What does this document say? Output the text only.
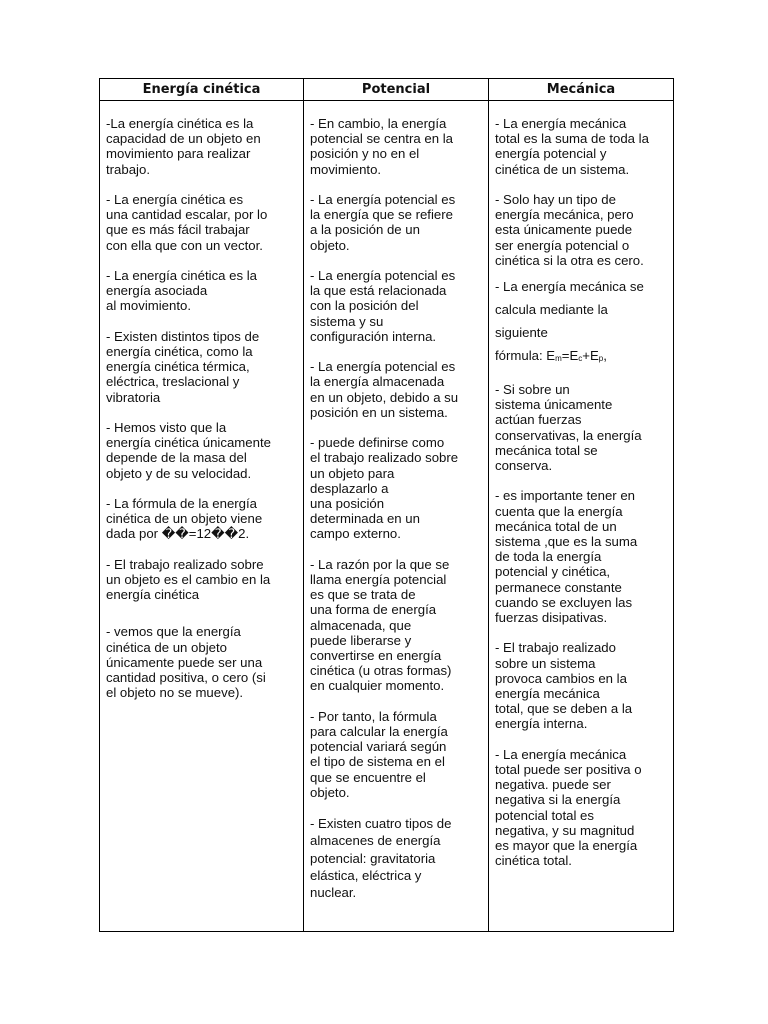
Energía cinética	Potencial	Mecánica

-La energía cinética es la
capacidad de un objeto en
movimiento para realizar
trabajo.

- La energía cinética es
una cantidad escalar, por lo
que es más fácil trabajar
con ella que con un vector.

- La energía cinética es la
energía asociada
al movimiento.

- Existen distintos tipos de
energía cinética, como la
energía cinética térmica,
eléctrica, treslacional y
vibratoria

- Hemos visto que la
energía cinética únicamente
depende de la masa del
objeto y de su velocidad.

- La fórmula de la energía
cinética de un objeto viene
dada por ��=12��2.

- El trabajo realizado sobre
un objeto es el cambio en la
energía cinética

- vemos que la energía
cinética de un objeto
únicamente puede ser una
cantidad positiva, o cero (si
el objeto no se mueve).

- En cambio, la energía
potencial se centra en la
posición y no en el
movimiento.

- La energía potencial es
la energía que se refiere
a la posición de un
objeto.

- La energía potencial es
la que está relacionada
con la posición del
sistema y su
configuración interna.

- La energía potencial es
la energía almacenada
en un objeto, debido a su
posición en un sistema.

- puede definirse como
el trabajo realizado sobre
un objeto para
desplazarlo a
una posición
determinada en un
campo externo.

- La razón por la que se
llama energía potencial
es que se trata de
una forma de energía
almacenada, que
puede liberarse y
convertirse en energía
cinética (u otras formas)
en cualquier momento.

- Por tanto, la fórmula
para calcular la energía
potencial variará según
el tipo de sistema en el
que se encuentre el
objeto.

- Existen cuatro tipos de
almacenes de energía
potencial: gravitatoria
elástica, eléctrica y
nuclear.

- La energía mecánica
total es la suma de toda la
energía potencial y
cinética de un sistema.

- Solo hay un tipo de
energía mecánica, pero
esta únicamente puede
ser energía potencial o
cinética si la otra es cero.

- La energía mecánica se
calcula mediante la
siguiente

fórmula: $E_m=E_c+E_p$,

- Si sobre un
sistema únicamente
actúan fuerzas
conservativas, la energía
mecánica total se
conserva.

- es importante tener en
cuenta que la energía
mecánica total de un
sistema ,que es la suma
de toda la energía
potencial y cinética,
permanece constante
cuando se excluyen las
fuerzas disipativas.

- El trabajo realizado
sobre un sistema
provoca cambios en la
energía mecánica
total, que se deben a la
energía interna.

- La energía mecánica
total puede ser positiva o
negativa. puede ser
negativa si la energía
potencial total es
negativa, y su magnitud
es mayor que la energía
cinética total.
